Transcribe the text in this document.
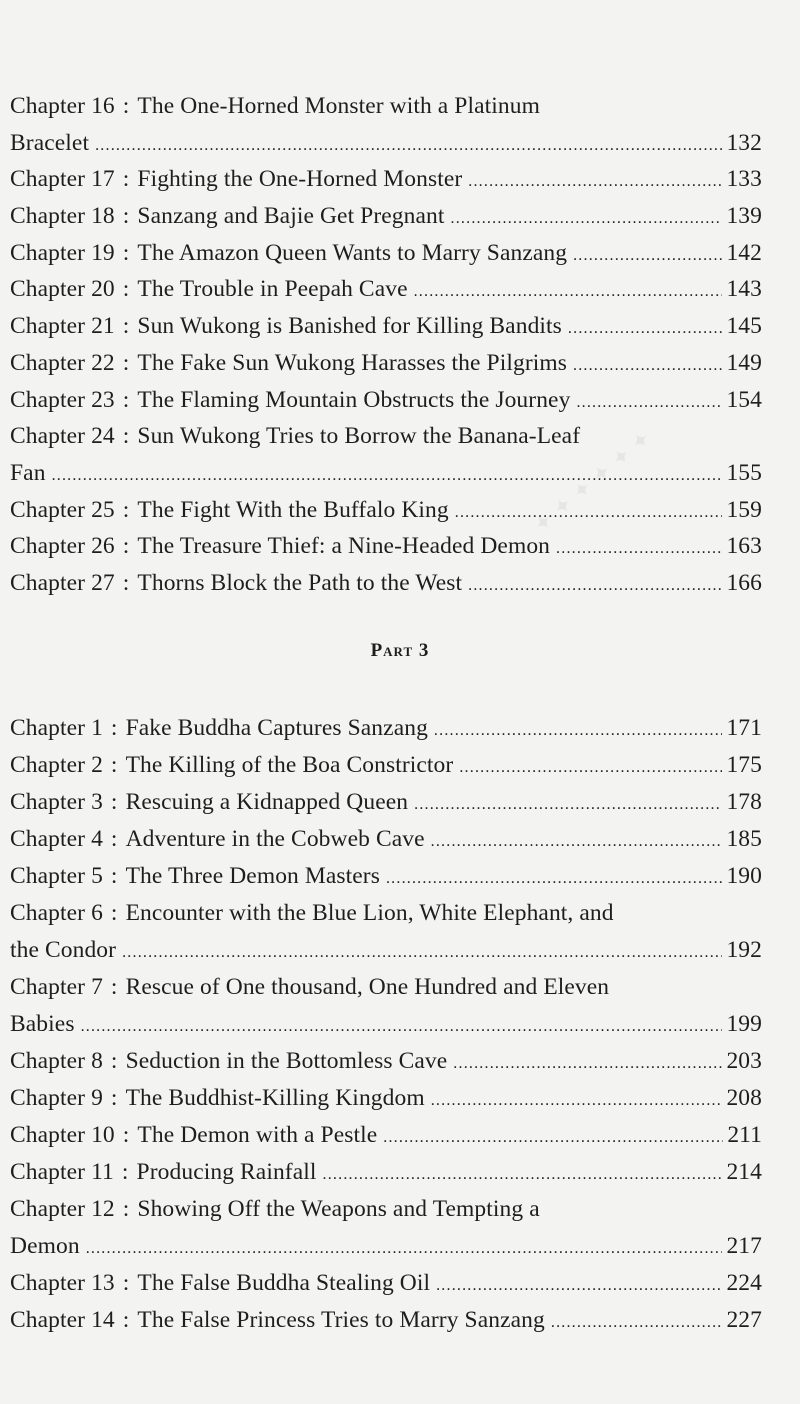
✦ ✦ ✦ ✦ ✦ ✦
Chapter 16 : The One-Horned Monster with a Platinum
Bracelet .....	132
Chapter 17 : Fighting the One-Horned Monster .....	133
Chapter 18 : Sanzang and Bajie Get Pregnant .....	139
Chapter 19 : The Amazon Queen Wants to Marry Sanzang .....	142
Chapter 20 : The Trouble in Peepah Cave .....	143
Chapter 21 : Sun Wukong is Banished for Killing Bandits .....	145
Chapter 22 : The Fake Sun Wukong Harasses the Pilgrims .....	149
Chapter 23 : The Flaming Mountain Obstructs the Journey .....	154
Chapter 24 : Sun Wukong Tries to Borrow the Banana-Leaf
Fan .....	155
Chapter 25 : The Fight With the Buffalo King .....	159
Chapter 26 : The Treasure Thief: a Nine-Headed Demon .....	163
Chapter 27 : Thorns Block the Path to the West .....	166
Part 3
Chapter 1 : Fake Buddha Captures Sanzang .....	171
Chapter 2 : The Killing of the Boa Constrictor .....	175
Chapter 3 : Rescuing a Kidnapped Queen .....	178
Chapter 4 : Adventure in the Cobweb Cave .....	185
Chapter 5 : The Three Demon Masters .....	190
Chapter 6 : Encounter with the Blue Lion, White Elephant, and
the Condor .....	192
Chapter 7 : Rescue of One thousand, One Hundred and Eleven
Babies .....	199
Chapter 8 : Seduction in the Bottomless Cave .....	203
Chapter 9 : The Buddhist-Killing Kingdom .....	208
Chapter 10 : The Demon with a Pestle .....	211
Chapter 11 : Producing Rainfall .....	214
Chapter 12 : Showing Off the Weapons and Tempting a
Demon .....	217
Chapter 13 : The False Buddha Stealing Oil .....	224
Chapter 14 : The False Princess Tries to Marry Sanzang .....	227
